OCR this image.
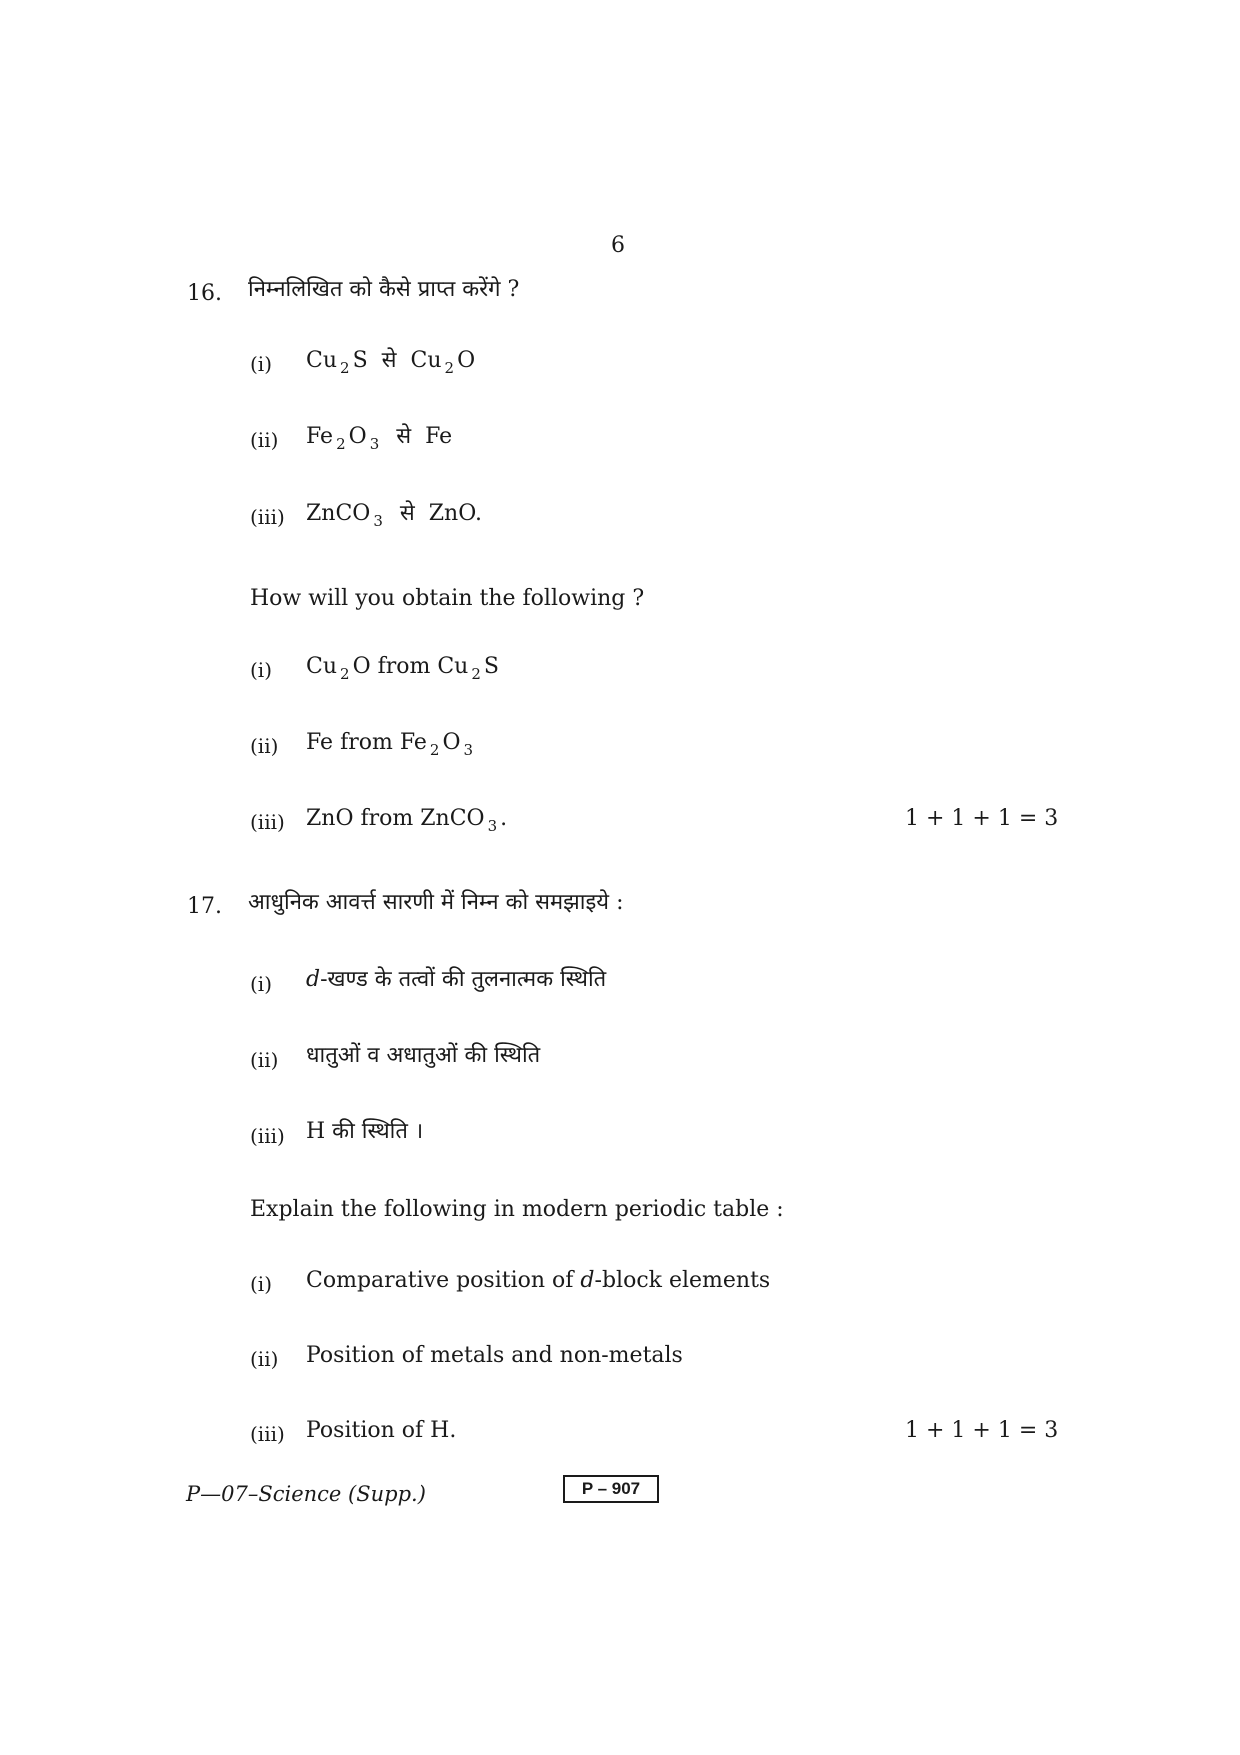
6
16. निम्नलिखित को कैसे प्राप्त करेंगे ?
(i) Cu $_2$ S से Cu $_2$ O
(ii) Fe $_2$ O $_3$ से Fe
(iii) ZnCO $_3$ से ZnO.
How will you obtain the following ?
(i) Cu $_2$ O from Cu $_2$ S
(ii) Fe from Fe $_2$ O $_3$
(iii) ZnO from ZnCO $_3$ .	1 + 1 + 1 = 3
17. आधुनिक आवर्त्त सारणी में निम्न को समझाइये :
(i) d-खण्ड के तत्वों की तुलनात्मक स्थिति
(ii) धातुओं व अधातुओं की स्थिति
(iii) H की स्थिति ।
Explain the following in modern periodic table :
(i) Comparative position of d-block elements
(ii) Position of metals and non-metals
(iii) Position of H.	1 + 1 + 1 = 3
P—07–Science (Supp.)	P – 907
